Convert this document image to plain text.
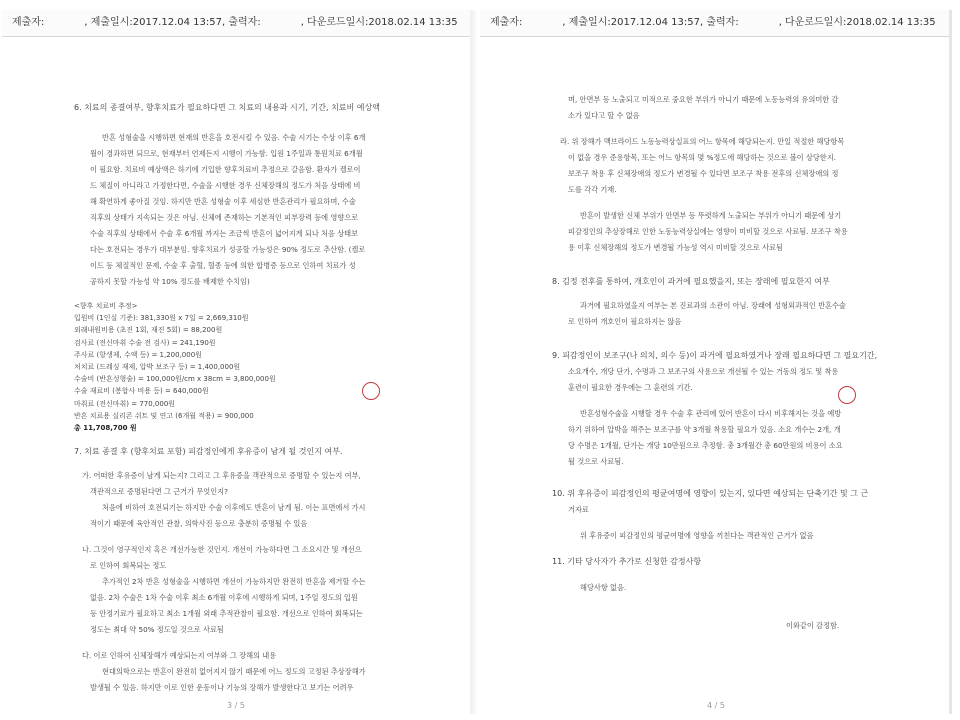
제출자:	, 제출일시:2017.12.04 13:57, 출력자:	, 다운로드일시:2018.02.14 13:35

6. 치료의 종결여부, 향후치료가 필요하다면 그 치료의 내용과 시기, 기간, 치료비 예상액

반흔 성형술을 시행하면 현재의 반흔을 호전시킬 수 있음. 수술 시기는 수상 이후 6개

월이 경과하면 되므로, 현재부터 언제든지 시행이 가능함. 입원 1주일과 통원치료 6개월

이 필요함. 치료비 예상액은 하기에 기입한 향후치료비 추정으로 갈음함. 환자가 켈로이

드 체질이 아니라고 가정한다면, 수술을 시행한 경우 신체장해의 정도가 처음 상태에 비

해 확연하게 좋아질 것임. 하지만 반흔 성형술 이후 세심한 반흔관리가 필요하며, 수술

직후의 상태가 지속되는 것은 아님. 신체에 존재하는 기본적인 피부장력 등에 영향으로

수술 직후의 상태에서 수술 후 6개월 까지는 조금씩 반흔이 넓어지게 되나 처음 상태보

다는 호전되는 경우가 대부분임. 향후치료가 성공할 가능성은 90% 정도로 추산함. (켈로

이드 등 체질적인 문제, 수술 후 출혈, 혈종 등에 의한 합병증 등으로 인하여 치료가 성

공하지 못할 가능성 약 10% 정도를 배제한 수치임)

<향후 치료비 추정>

입원비 (1인실 기준): 381,330원 x 7일 = 2,669,310원

외래내원비용 (초진 1회, 재진 5회) = 88,200원

검사료 (전신마취 수술 전 검사) = 241,190원

주사료 (항생제, 수액 등) = 1,200,000원

처치료 (드레싱 재제, 압박 보조구 등) = 1,400,000원

수술비 (반흔성형술) = 100,000원/cm x 38cm = 3,800,000원

수술 재료비 (봉합사 비용 등) = 640,000원

마취료 (전신마취) = 770,000원

반흔 치료용 실리콘 쉬트 및 연고 (6개월 적용) = 900,000

총 11,708,700 원

7. 치료 종결 후 (향후치료 포함) 피감정인에게 후유증이 남게 될 것인지 여부.

가. 어떠한 후유증이 남게 되는지? 그리고 그 후유증을 객관적으로 증명할 수 있는지 여부,

객관적으로 증명된다면 그 근거가 무엇인지?

처음에 비하여 호전되기는 하지만 수술 이후에도 반흔이 남게 됨. 이는 표면에서 가시

적이기 때문에 육안적인 관찰, 의학사진 등으로 충분히 증명될 수 있음

나. 그것이 영구적인지 혹은 개선가능한 것인지. 개선이 가능하다면 그 소요시간 및 개선으

로 인하여 회복되는 정도

추가적인 2차 반흔 성형술을 시행하면 개선이 가능하지만 완전히 반흔을 제거할 수는

없음. 2차 수술은 1차 수술 이후 최소 6개월 이후에 시행하게 되며, 1주일 정도의 입원

등 안정기료가 필요하고 최소 1개월 외래 추적관찰이 필요함. 개선으로 인하여 회복되는

정도는 최대 약 50% 정도일 것으로 사료됨

다. 이로 인하여 신체장해가 예상되는지 여부와 그 장해의 내용

현대의학으로는 반흔이 완전히 없어지지 않기 때문에 어느 정도의 고정된 추상장해가

발생될 수 있음. 하지만 이로 인한 운동이나 기능의 장해가 발생한다고 보기는 어려우

3 / 5
제출자:	, 제출일시:2017.12.04 13:57, 출력자:	, 다운로드일시:2018.02.14 13:35

며, 안면부 등 노출되고 미적으로 중요한 부위가 아니기 때문에 노동능력의 유의미한 감

소가 있다고 할 수 없음

라. 위 장해가 맥브라이드 노동능력상실표의 어느 항목에 해당되는지. 만일 적절한 해당항목

이 없을 경우 준용항목, 또는 어느 항목의 몇 %정도에 해당하는 것으로 볼이 상당한지.

보조구 착용 후 신체장애의 정도가 변경될 수 있다면 보조구 착용 전후의 신체장애의 정

도를 각각 기재.

반흔이 발생한 신체 부위가 안면부 등 뚜렷하게 노출되는 부위가 아니기 때문에 상기

피감정인의 추상장해로 인한 노동능력상실에는 영향이 미비할 것으로 사료됨. 보조구 착용

용 이후 신체장해의 정도가 변경될 가능성 역시 미비할 것으로 사료됨

8. 김정 전후를 통하여, 개호인이 과거에 필요했을지, 또는 장래에 필요한지 여부

과거에 필요하였을지 여부는 본 진료과의 소관이 아님. 장래에 성형외과적인 반흔수술

로 인하여 개호인이 필요하지는 않음

9. 피감정인이 보조구(나 의치, 의수 등)이 과거에 필요하였거나 장래 필요하다면 그 필요기간,

소요개수, 개당 단가, 수명과 그 보조구의 사용으로 개선될 수 있는 거동의 정도 및 착용

훈련이 필요한 경우에는 그 훈련의 기간.

반흔성형수술을 시행할 경우 수술 후 관리에 있어 반흔이 다시 비후해지는 것을 예방

하기 위하여 압박을 해주는 보조구를 약 3개월 착용할 필요가 있음. 소요 개수는 2개, 개

당 수명은 1개월, 단가는 개당 10만원으로 추정함. 총 3개월간 총 60만원의 비용이 소요

될 것으로 사료됨.

10. 위 후유증이 피감정인의 평균여명에 영향이 있는지, 있다면 예상되는 단축기간 및 그 근

거자료

위 후유증이 피감정인의 평균여명에 영향을 끼친다는 객관적인 근거가 없음

11. 기타 당사자가 추가로 신청한 감정사항

해당사항 없음.

이와같이 감정함.

4 / 5
